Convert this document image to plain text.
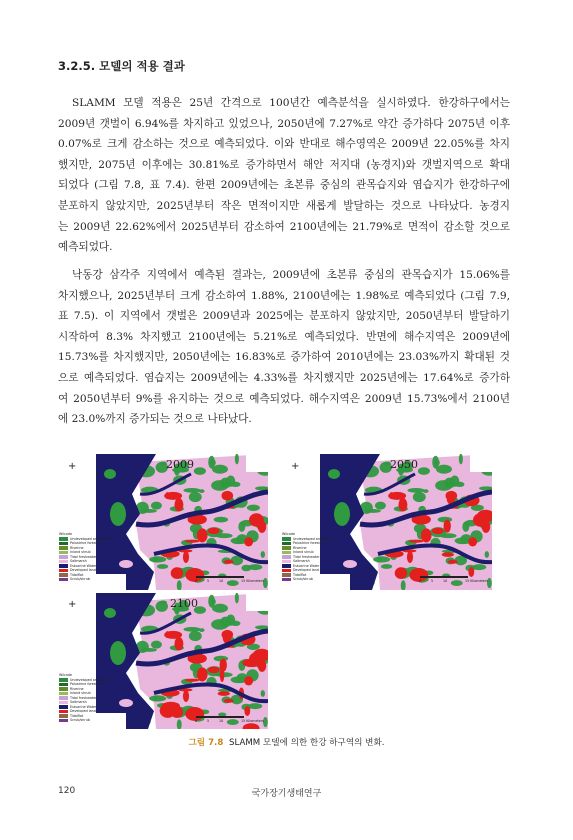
3.2.5. 모델의 적용 결과
SLAMM 모델 적용은 25년 간격으로 100년간 예측분석을 실시하였다. 한강하구에서는
2009년 갯벌이 6.94%를 차지하고 있었으나, 2050년에 7.27%로 약간 증가하다 2075년 이후
0.07%로 크게 감소하는 것으로 예측되었다. 이와 반대로 해수영역은 2009년 22.05%를 차지
했지만, 2075년 이후에는 30.81%로 증가하면서 해안 저지대 (농경지)와 갯벌지역으로 확대
되었다 (그림 7.8, 표 7.4). 한편 2009년에는 초본류 중심의 관목습지와 염습지가 한강하구에
분포하지 않았지만, 2025년부터 작은 면적이지만 새롭게 발달하는 것으로 나타났다. 농경지
는 2009년 22.62%에서 2025년부터 감소하여 2100년에는 21.79%로 면적이 감소할 것으로
예측되었다.
낙동강 삼각주 지역에서 예측된 결과는, 2009년에 초본류 중심의 관목습지가 15.06%를
차지했으나, 2025년부터 크게 감소하여 1.88%, 2100년에는 1.98%로 예측되었다 (그림 7.9,
표 7.5). 이 지역에서 갯벌은 2009년과 2025에는 분포하지 않았지만, 2050년부터 발달하기
시작하여 8.3% 차지했고 2100년에는 5.21%로 예측되었다. 반면에 해수지역은 2009년에
15.73%를 차지했지만, 2050년에는 16.83%로 증가하여 2010년에는 23.03%까지 확대된 것
으로 예측되었다. 염습지는 2009년에는 4.33%를 차지했지만 2025년에는 17.64%로 증가하
여 2050년부터 9%를 유지하는 것으로 예측되었다. 해수지역은 2009년 15.73%에서 2100년
에 23.0%까지 증가되는 것으로 나타났다.
+	2009
Wilcode
Undeveloped and forest
Palustrine forested
Riverine
Inland shrub
Tidal freshwater
Saltmarsh
Estuarine Water
Developed land
Tidalflat
Scrub/shrub	0	5	10	15 Kilometers
+	2050
Wilcode
Undeveloped and forest
Palustrine forested
Riverine
Inland shrub
Tidal freshwater
Saltmarsh
Estuarine Water
Developed land
Tidalflat
Scrub/shrub	0	5	10	15 Kilometers
+	2100
Wilcode
Undeveloped and forest
Palustrine forested
Riverine
Inland shrub
Tidal freshwater
Saltmarsh
Estuarine Water
Developed land
Tidalflat
Scrub/shrub	0	5	10	15 Kilometers
그림 7.8 SLAMM 모델에 의한 한강 하구역의 변화.
120	국가장기생태연구
